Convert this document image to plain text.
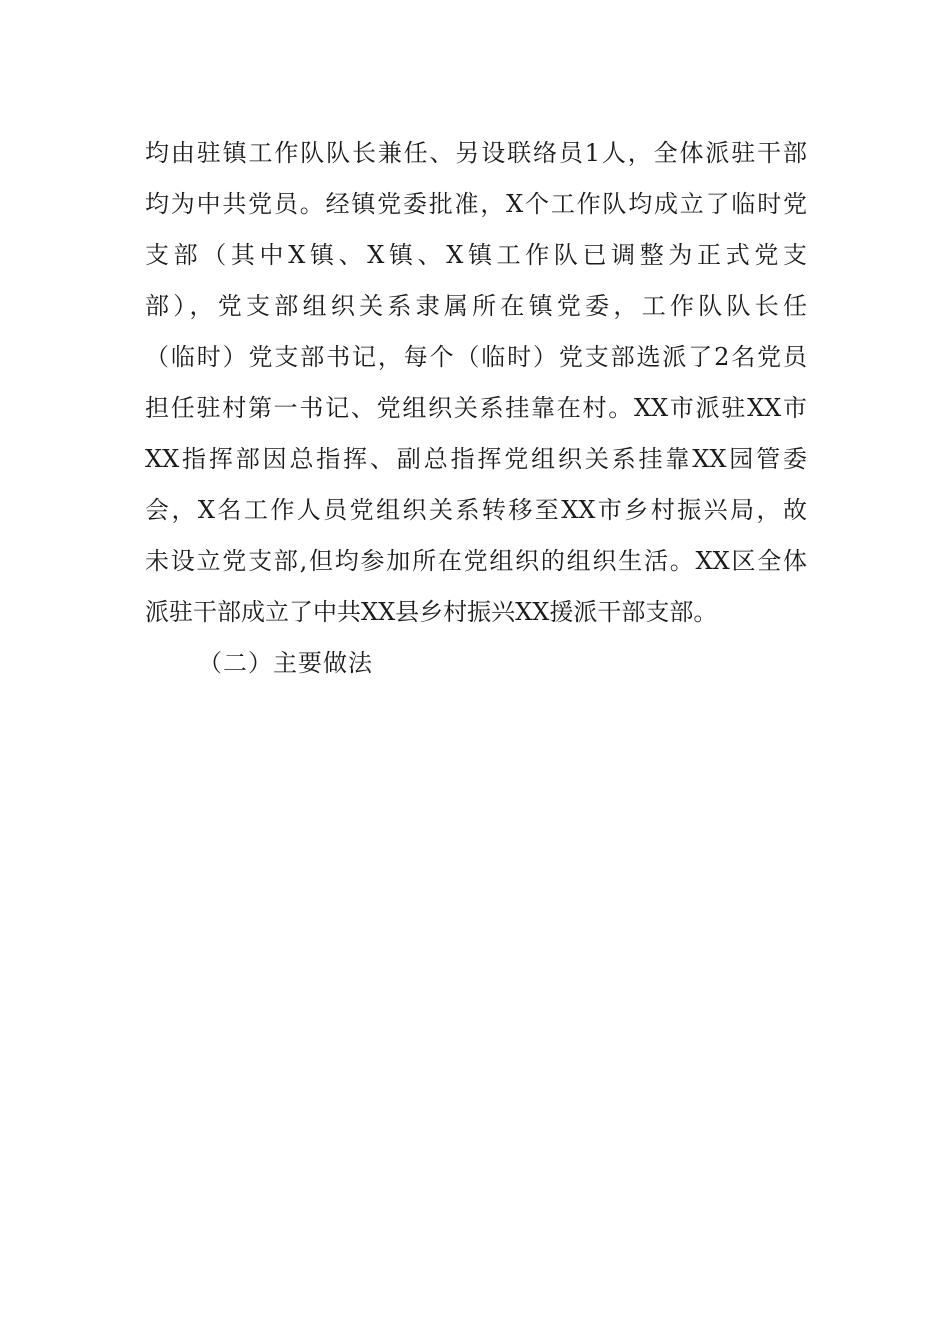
均由驻镇工作队队长兼任、另设联络员1人，全体派驻干部
均为中共党员。经镇党委批准，X个工作队均成立了临时党
支部（其中X镇、X镇、X镇工作队已调整为正式党支
部），党支部组织关系隶属所在镇党委，工作队队长任
（临时）党支部书记，每个（临时）党支部选派了2名党员
担任驻村第一书记、党组织关系挂靠在村。XX市派驻XX市
XX指挥部因总指挥、副总指挥党组织关系挂靠XX园管委
会，X名工作人员党组织关系转移至XX市乡村振兴局，故
未设立党支部,但均参加所在党组织的组织生活。XX区全体
派驻干部成立了中共XX县乡村振兴XX援派干部支部。
（二）主要做法
